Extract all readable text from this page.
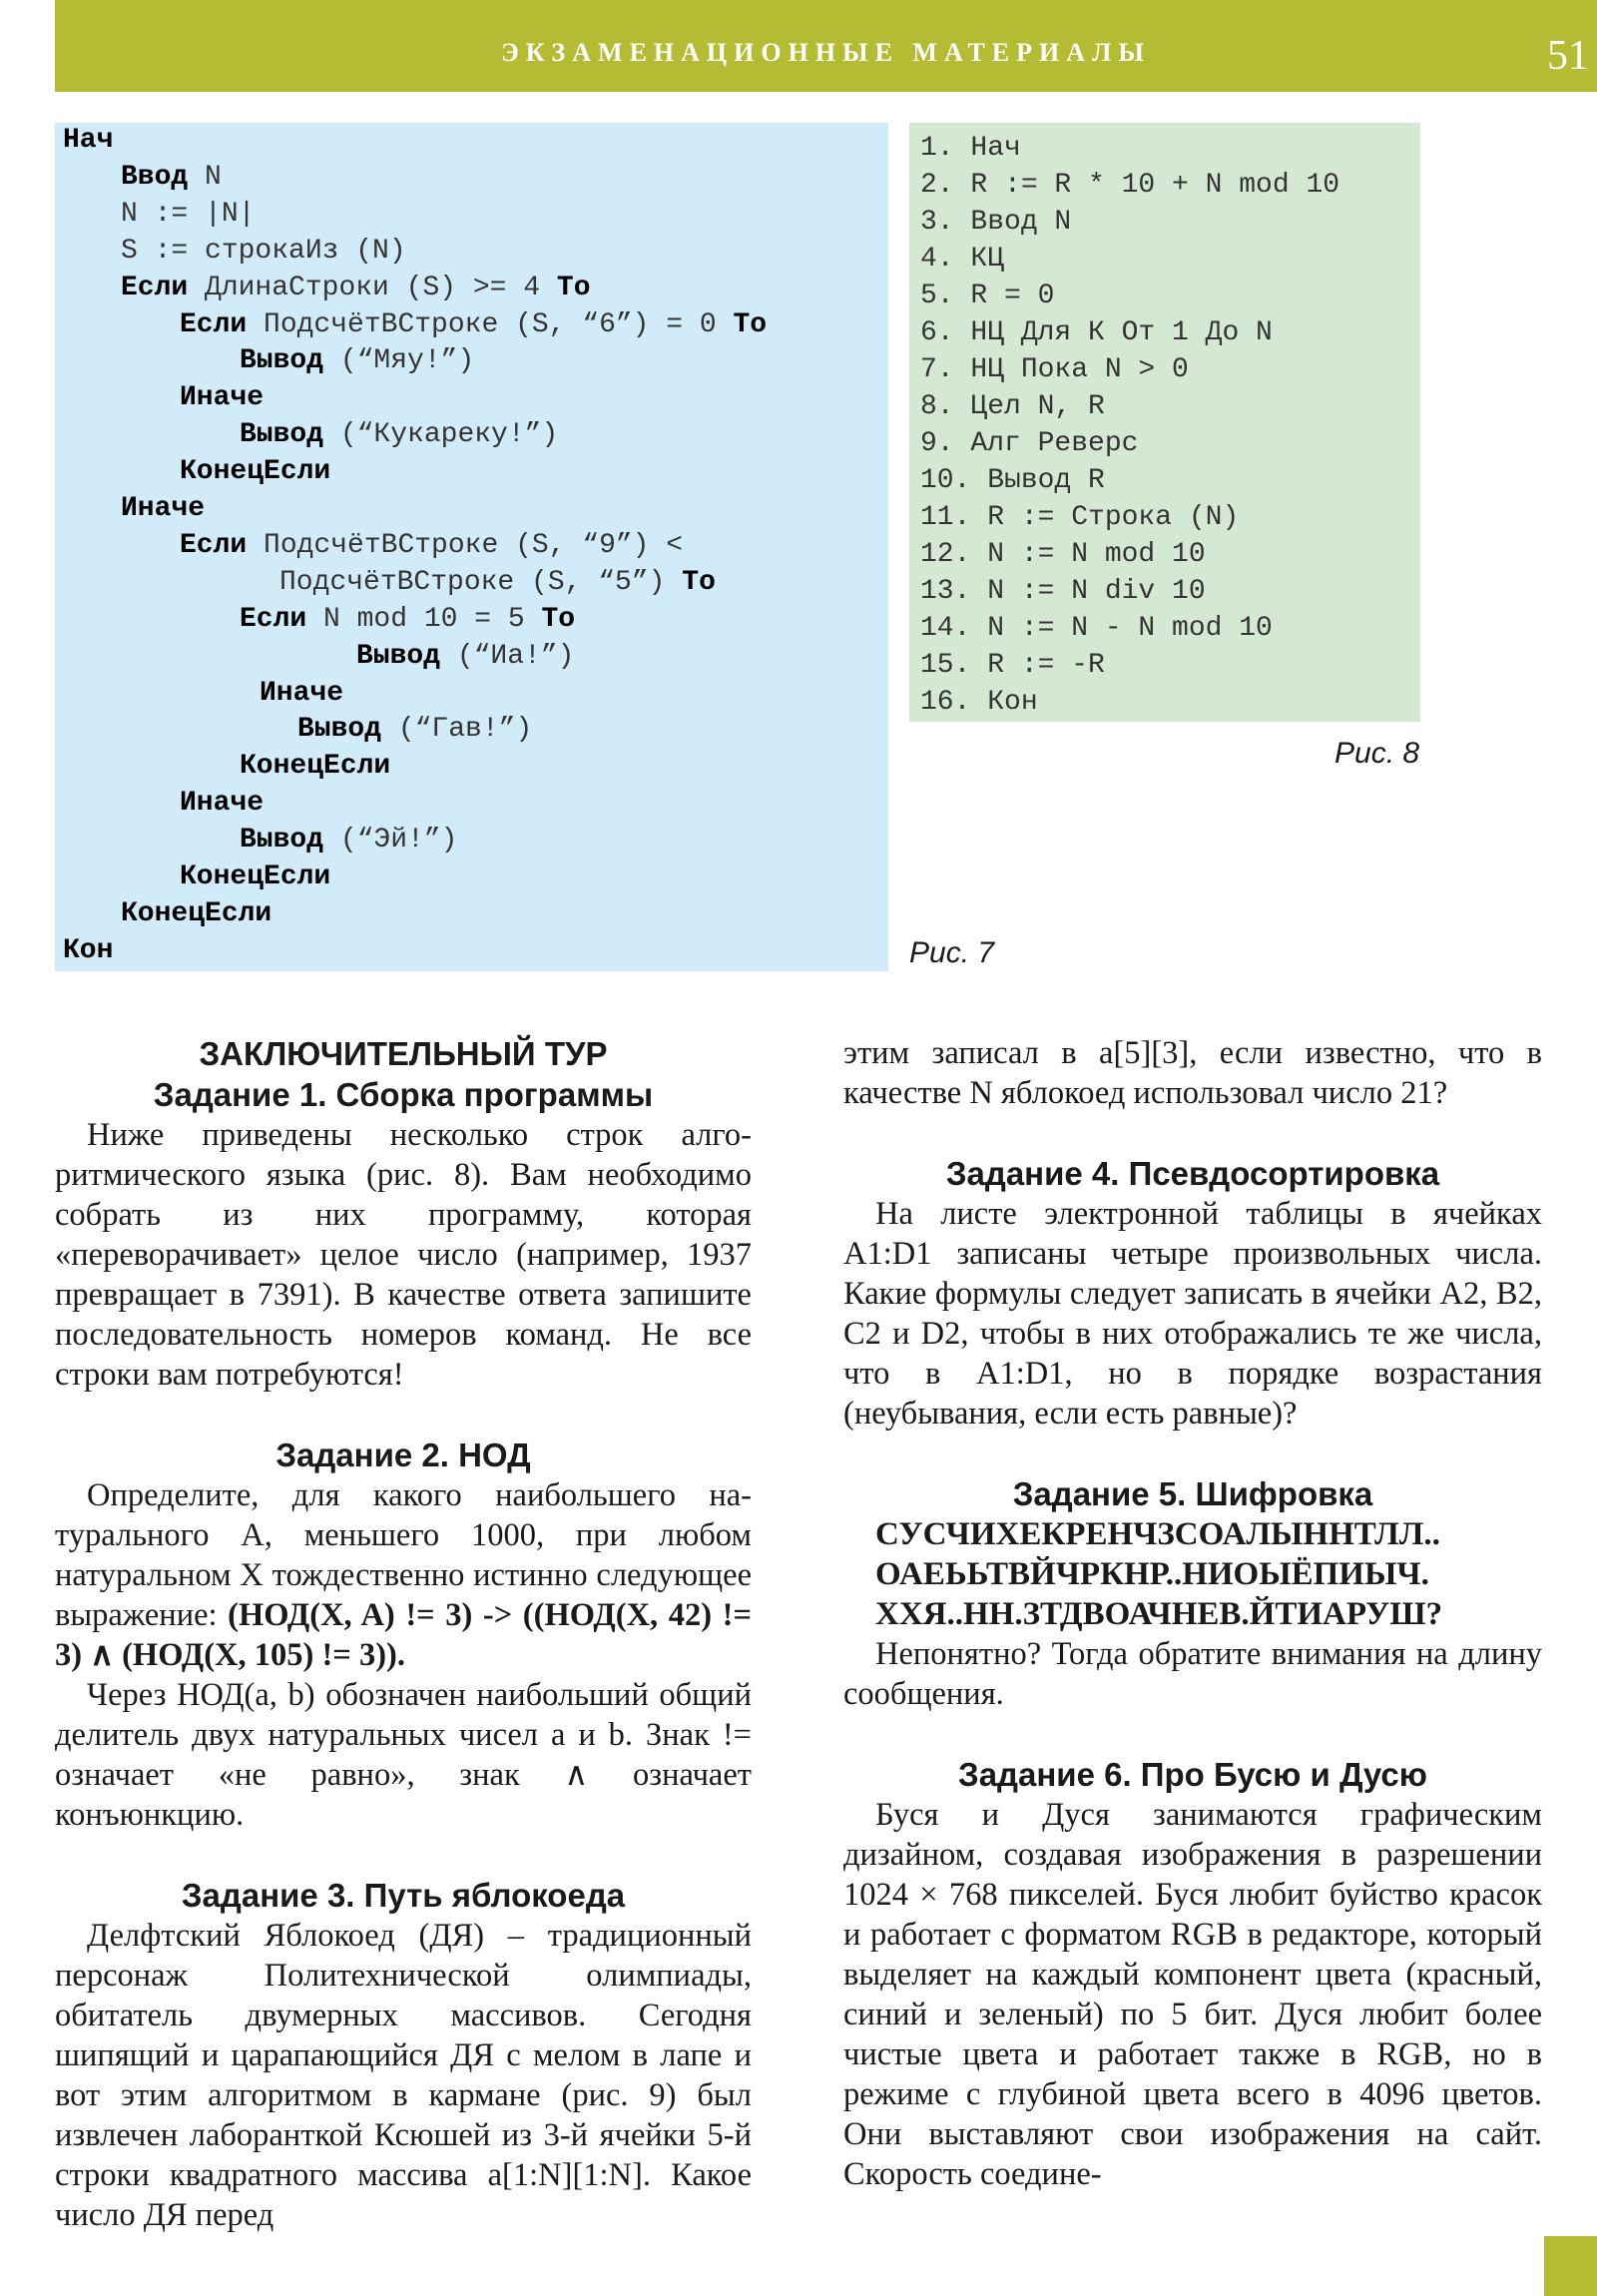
ЭКЗАМЕНАЦИОННЫЕ МАТЕРИАЛЫ	51
Нач
Ввод N
N := |N|
S := строкаИз (N)
Если ДлинаСтроки (S) >= 4 То
Если ПодсчётВСтроке (S, “6”) = 0 То
Вывод (“Мяу!”)
Иначе
Вывод (“Кукареку!”)
КонецЕсли
Иначе
Если ПодсчётВСтроке (S, “9”) <
ПодсчётВСтроке (S, “5”) То
Если N mod 10 = 5 То
Вывод (“Иа!”)
Иначе
Вывод (“Гав!”)
КонецЕсли
Иначе
Вывод (“Эй!”)
КонецЕсли
КонецЕсли
Кон	Рис. 7
1. Нач
2. R := R * 10 + N mod 10
3. Ввод N
4. КЦ
5. R = 0
6. НЦ Для К От 1 До N
7. НЦ Пока N > 0
8. Цел N, R
9. Алг Реверс
10. Вывод R
11. R := Строка (N)
12. N := N mod 10
13. N := N div 10
14. N := N - N mod 10
15. R := -R
16. Кон
Рис. 8

ЗАКЛЮЧИТЕЛЬНЫЙ ТУР

Задание 1. Сборка программы

Ниже приведены несколько строк алгоритмического языка (рис. 8). Вам необходимо собрать из них программу, которая «переворачивает» целое число (например, 1937 превращает в 7391). В качестве ответа запишите последовательность номеров команд. Не все строки вам потребуются!

Задание 2. НОД

Определите, для какого наибольшего натурального A, меньшего 1000, при любом натуральном X тождественно истинно следующее выражение: (НОД(X, A) != 3) -> ((НОД(X, 42) != 3) ∧ (НОД(X, 105) != 3)).

Через НОД(a, b) обозначен наибольший общий делитель двух натуральных чисел a и b. Знак != означает «не равно», знак ∧ означает конъюнкцию.

Задание 3. Путь яблокоеда

Делфтский Яблокоед (ДЯ) – традиционный персонаж Политехнической олимпиады, обитатель двумерных массивов. Сегодня шипящий и царапающийся ДЯ с мелом в лапе и вот этим алгоритмом в кармане (рис. 9) был извлечен лаборанткой Ксюшей из 3-й ячейки 5-й строки квадратного массива a[1:N][1:N]. Какое число ДЯ перед

этим записал в a[5][3], если известно, что в качестве N яблокоед использовал число 21?

Задание 4. Псевдосортировка

На листе электронной таблицы в ячейках A1:D1 записаны четыре произвольных числа. Какие формулы следует записать в ячейки A2, B2, C2 и D2, чтобы в них отображались те же числа, что в A1:D1, но в порядке возрастания (неубывания, если есть равные)?

Задание 5. Шифровка

СУСЧИХЕКРЕНЧЗСОАЛЫННТЛЛ..

ОАЕЬЬТВЙЧРКНР..НИОЫЁПИЫЧ.

ХХЯ..НН.ЗТДВОАЧНЕВ.ЙТИАРУШ?

Непонятно? Тогда обратите внимания на длину сообщения.

Задание 6. Про Бусю и Дусю

Буся и Дуся занимаются графическим дизайном, создавая изображения в разрешении 1024 × 768 пикселей. Буся любит буйство красок и работает с форматом RGB в редакторе, который выделяет на каждый компонент цвета (красный, синий и зеленый) по 5 бит. Дуся любит более чистые цвета и работает также в RGB, но в режиме с глубиной цвета всего в 4096 цветов. Они выставляют свои изображения на сайт. Скорость соедине-
